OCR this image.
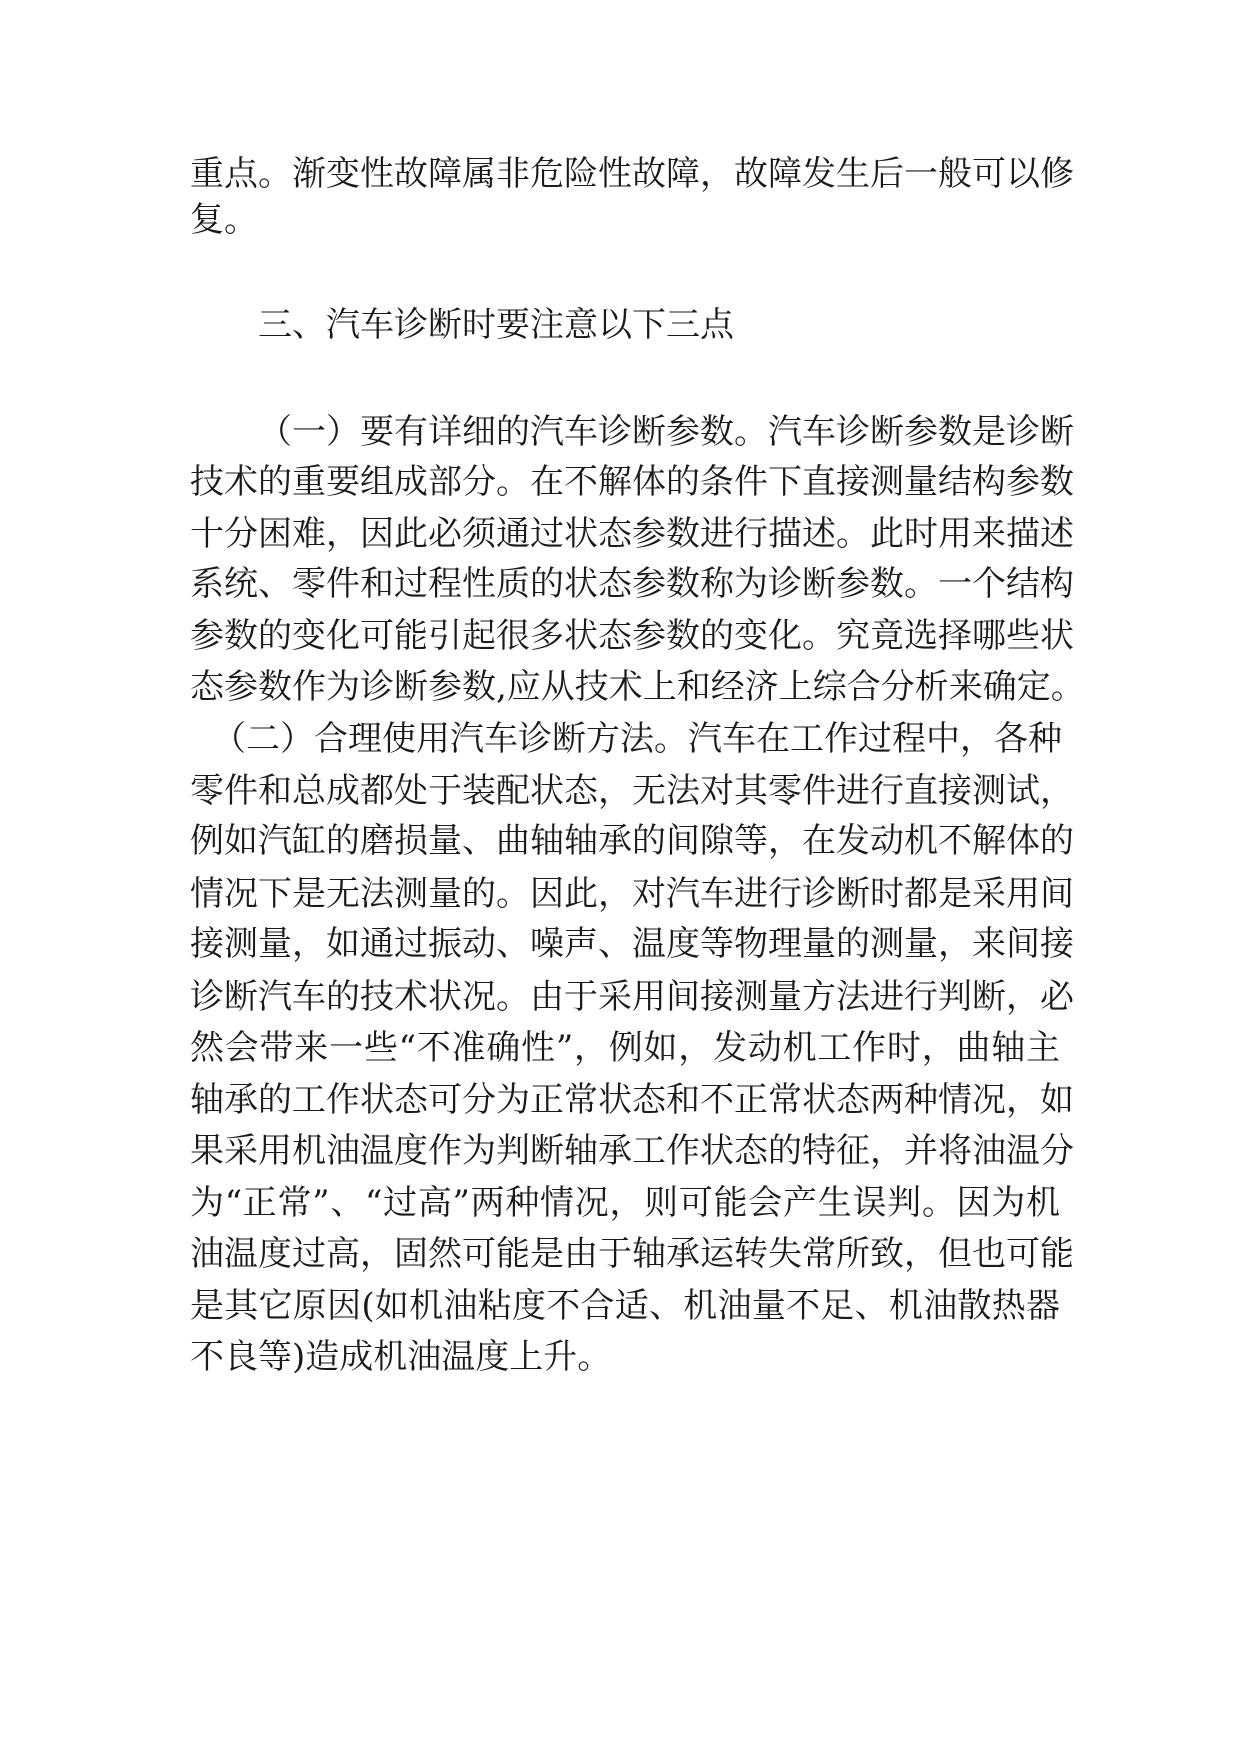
重点。渐变性故障属非危险性故障，故障发生后一般可以修

复。

三、汽车诊断时要注意以下三点

（一）要有详细的汽车诊断参数。汽车诊断参数是诊断

技术的重要组成部分。在不解体的条件下直接测量结构参数

十分困难，因此必须通过状态参数进行描述。此时用来描述

系统、零件和过程性质的状态参数称为诊断参数。一个结构

参数的变化可能引起很多状态参数的变化。究竟选择哪些状

态参数作为诊断参数,应从技术上和经济上综合分析来确定。

（二）合理使用汽车诊断方法。汽车在工作过程中，各种

零件和总成都处于装配状态，无法对其零件进行直接测试，

例如汽缸的磨损量、曲轴轴承的间隙等，在发动机不解体的

情况下是无法测量的。因此，对汽车进行诊断时都是采用间

接测量，如通过振动、噪声、温度等物理量的测量，来间接

诊断汽车的技术状况。由于采用间接测量方法进行判断，必

然会带来一些“不准确性”，例如，发动机工作时，曲轴主

轴承的工作状态可分为正常状态和不正常状态两种情况，如

果采用机油温度作为判断轴承工作状态的特征，并将油温分

为“正常”、“过高”两种情况，则可能会产生误判。因为机

油温度过高，固然可能是由于轴承运转失常所致，但也可能

是其它原因(如机油粘度不合适、机油量不足、机油散热器

不良等)造成机油温度上升。
